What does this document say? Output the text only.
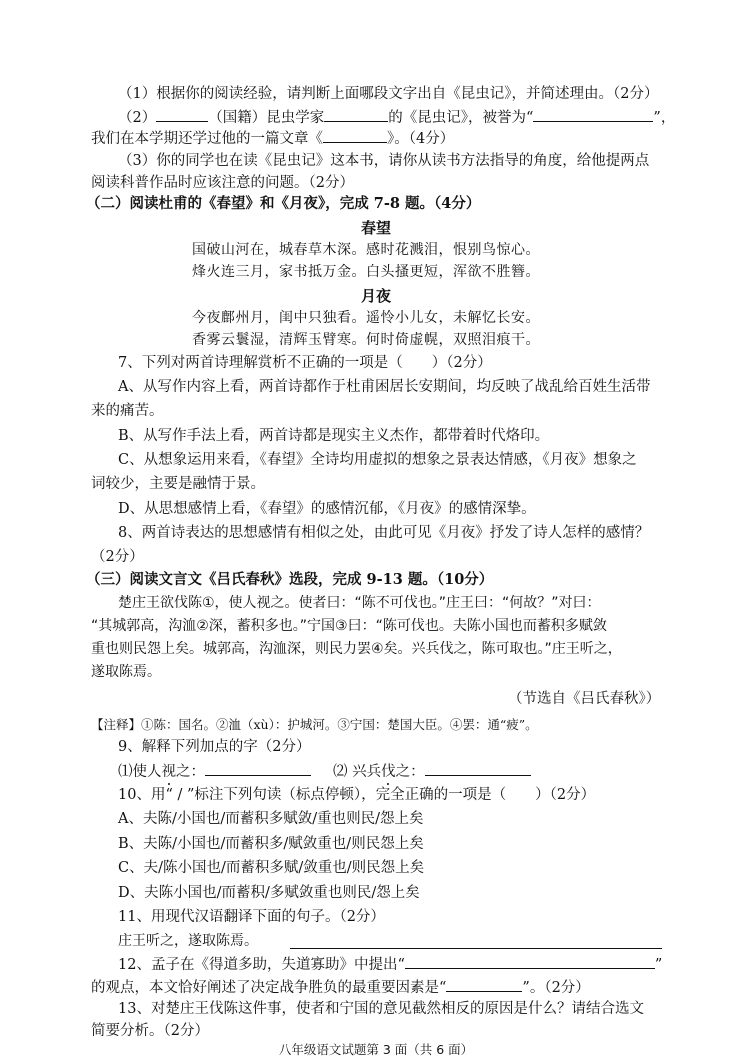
（1）根据你的阅读经验，请判断上面哪段文字出自《昆虫记》，并简述理由。（2分）
（2）	（国籍）昆虫学家	的《昆虫记》，被誉为“	”，
我们在本学期还学过他的一篇文章《	》。（4分）
（3）你的同学也在读《昆虫记》这本书，请你从读书方法指导的角度，给他提两点
阅读科普作品时应该注意的问题。（2分）
（二）阅读杜甫的《春望》和《月夜》，完成 7-8 题。（4分）
春望
国破山河在，城春草木深。感时花溅泪，恨别鸟惊心。
烽火连三月，家书抵万金。白头搔更短，浑欲不胜簪。
月夜
今夜鄜州月，闺中只独看。遥怜小儿女，未解忆长安。
香雾云鬟湿，清辉玉臂寒。何时倚虚幌，双照泪痕干。
7、下列对两首诗理解赏析不正确的一项是（　　）（2分）
A、从写作内容上看，两首诗都作于杜甫困居长安期间，均反映了战乱给百姓生活带
来的痛苦。
B、从写作手法上看，两首诗都是现实主义杰作，都带着时代烙印。
C、从想象运用来看，《春望》全诗均用虚拟的想象之景表达情感，《月夜》想象之
词较少，主要是融情于景。
D、从思想感情上看，《春望》的感情沉郁，《月夜》的感情深挚。
8、两首诗表达的思想感情有相似之处，由此可见《月夜》抒发了诗人怎样的感情？
（2分）
（三）阅读文言文《吕氏春秋》选段，完成 9-13 题。（10分）
楚庄王欲伐陈①，使人视之。使者曰：“陈不可伐也。”庄王曰：“何故？”对曰：
“其城郭高，沟洫②深，蓄积多也。”宁国③曰：“陈可伐也。夫陈小国也而蓄积多赋敛
重也则民怨上矣。城郭高，沟洫深，则民力罢④矣。兴兵伐之，陈可取也。”庄王听之，
遂取陈焉。
（节选自《吕氏春秋》）
【注释】①陈：国名。②洫（xù）：护城河。③宁国：楚国大臣。④罢：通“疲”。
9、解释下列加点的字（2分）
⑴使人视之：	⑵ 兴兵伐之：
10、用“ / ”标注下列句读（标点停顿），完全正确的一项是（　　）（2分）
A、夫陈/小国也/而蓄积多赋敛/重也则民/怨上矣
B、夫陈/小国也/而蓄积多/赋敛重也/则民怨上矣
C、夫/陈小国也/而蓄积多赋/敛重也/则民怨上矣
D、夫陈小国也/而蓄积/多赋敛重也则民/怨上矣
11、用现代汉语翻译下面的句子。（2分）
庄王听之，遂取陈焉。
12、孟子在《得道多助，失道寡助》中提出“	”
的观点，本文恰好阐述了决定战争胜负的最重要因素是“	”。（2分）
13、对楚庄王伐陈这件事，使者和宁国的意见截然相反的原因是什么？请结合选文
简要分析。（2分）
八年级语文试题第 3 面（共 6 面）
